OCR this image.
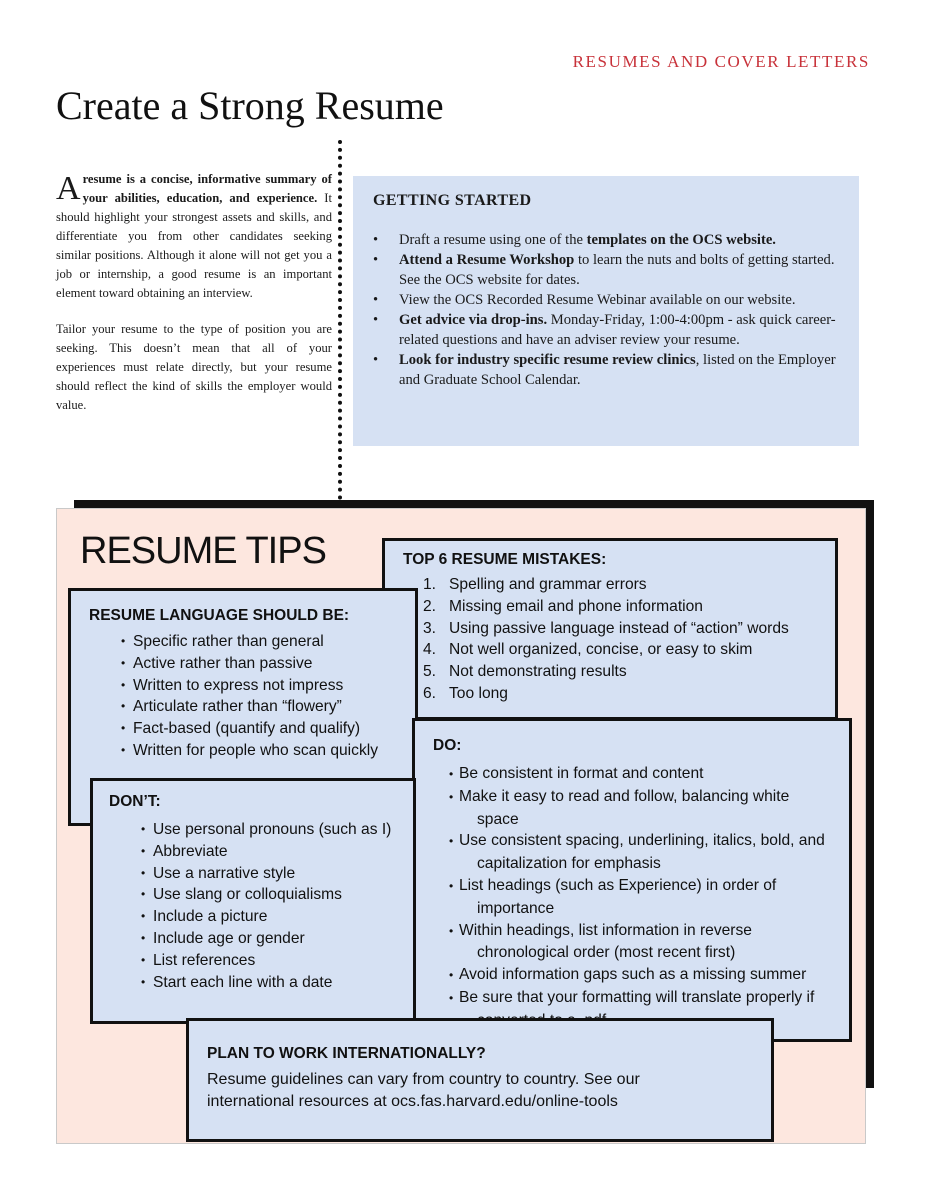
RESUMES AND COVER LETTERS
Create a Strong Resume

Aresume is a concise, informative summary of your abilities, education, and experience. It should highlight your strongest assets and skills, and differentiate you from other candidates seeking similar positions. Although it alone will not get you a job or internship, a good resume is an important element toward obtaining an interview.

Tailor your resume to the type of position you are seeking. This doesn’t mean that all of your experiences must relate directly, but your resume should reflect the kind of skills the employer would value.

GETTING STARTED
• Draft a resume using one of the templates on the OCS website.
• Attend a Resume Workshop to learn the nuts and bolts of getting started. See the OCS website for dates.
• View the OCS Recorded Resume Webinar available on our website.
• Get advice via drop-ins. Monday-Friday, 1:00-4:00pm - ask quick career-related questions and have an adviser review your resume.
• Look for industry specific resume review clinics, listed on the Employer and Graduate School Calendar.
RESUME TIPS	TOP 6 RESUME MISTAKES:
1. Spelling and grammar errors
2. Missing email and phone information
3. Using passive language instead of “action” words
4. Not well organized, concise, or easy to skim
5. Not demonstrating results
6. Too long
RESUME LANGUAGE SHOULD BE:
• Specific rather than general
• Active rather than passive
• Written to express not impress
• Articulate rather than “flowery”
• Fact-based (quantify and qualify)
• Written for people who scan quickly	DO:
• Be consistent in format and content
• Make it easy to read and follow, balancing white space
• Use consistent spacing, underlining, italics, bold, and capitalization for emphasis
• List headings (such as Experience) in order of importance
• Within headings, list information in reverse chronological order (most recent first)
• Avoid information gaps such as a missing summer
• Be sure that your formatting will translate properly if
DON’T:
• Use personal pronouns (such as I)
• Abbreviate
• Use a narrative style
• Use slang or colloquialisms
• Include a picture
• Include age or gender
• List references
• Start each line with a date
PLAN TO WORK INTERNATIONALLY?
Resume guidelines can vary from country to country. See our international resources at ocs.fas.harvard.edu/online-tools
